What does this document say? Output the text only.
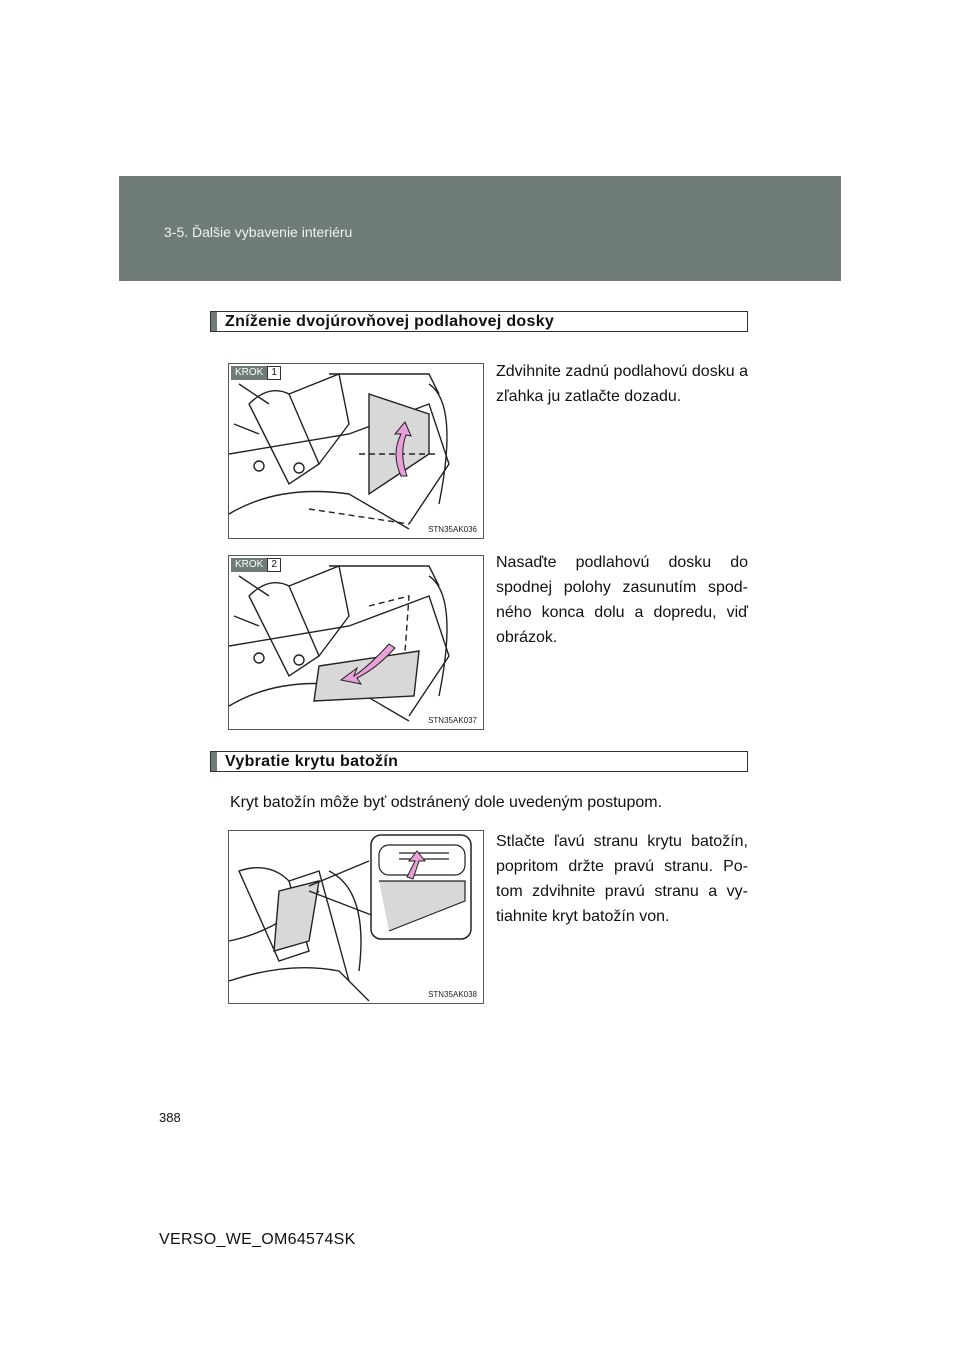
3-5. Ďalšie vybavenie interiéru
Zníženie dvojúrovňovej podlahovej dosky
KROK 1
STN35AK036
Zdvihnite zadnú podlahovú dosku a zľahka ju zatlačte dozadu.
KROK 2
STN35AK037
Nasaďte podlahovú dosku do spodnej polohy zasunutím spod-ného konca dolu a dopredu, viď obrázok.
Vybratie krytu batožín
Kryt batožín môže byť odstránený dole uvedeným postupom.
STN35AK038
Stlačte ľavú stranu krytu batožín, popritom držte pravú stranu. Po-tom zdvihnite pravú stranu a vy-tiahnite kryt batožín von.
388
VERSO_WE_OM64574SK
